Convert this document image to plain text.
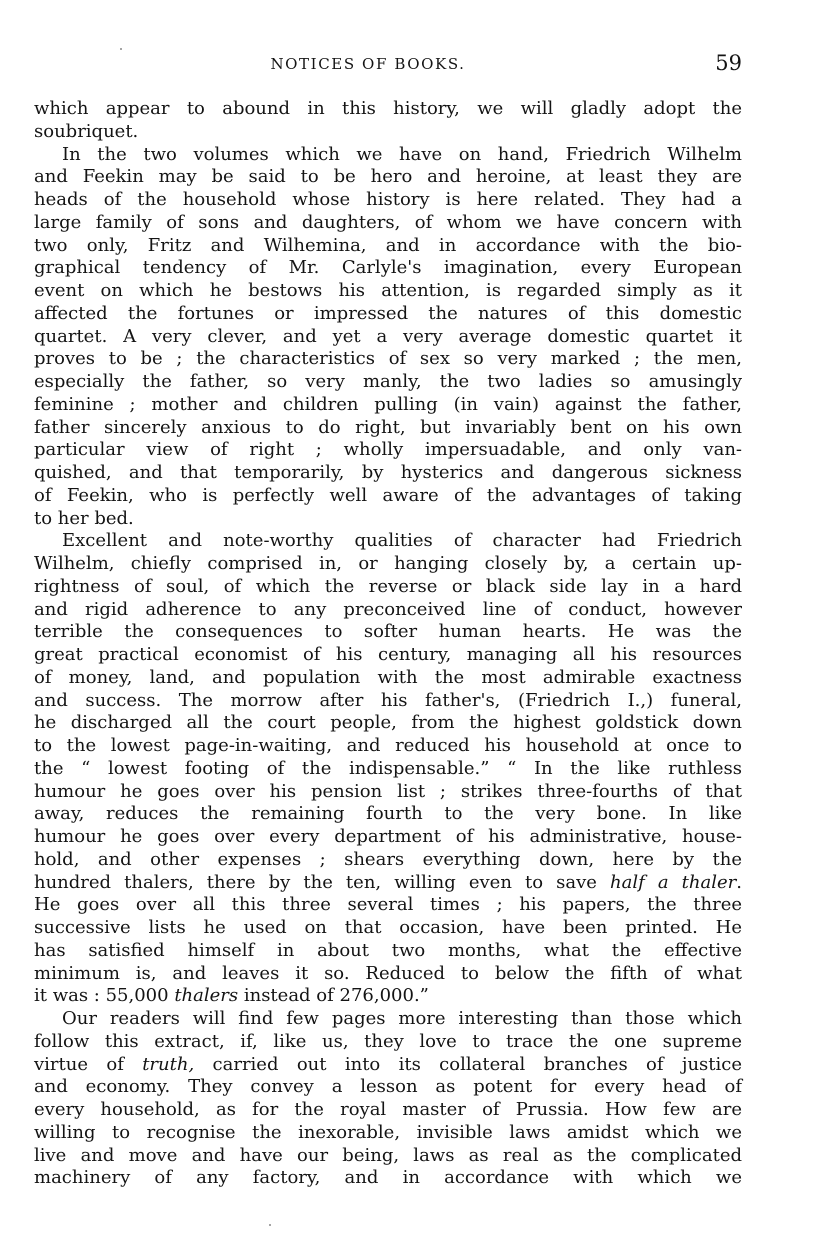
NOTICES OF BOOKS.	59
which appear to abound in this history, we will gladly adopt the
soubriquet.
In the two volumes which we have on hand, Friedrich Wilhelm
and Feekin may be said to be hero and heroine, at least they are
heads of the household whose history is here related. They had a
large family of sons and daughters, of whom we have concern with
two only, Fritz and Wilhemina, and in accordance with the bio-
graphical tendency of Mr. Carlyle's imagination, every European
event on which he bestows his attention, is regarded simply as it
affected the fortunes or impressed the natures of this domestic
quartet. A very clever, and yet a very average domestic quartet it
proves to be ; the characteristics of sex so very marked ; the men,
especially the father, so very manly, the two ladies so amusingly
feminine ; mother and children pulling (in vain) against the father,
father sincerely anxious to do right, but invariably bent on his own
particular view of right ; wholly impersuadable, and only van-
quished, and that temporarily, by hysterics and dangerous sickness
of Feekin, who is perfectly well aware of the advantages of taking
to her bed.
Excellent and note-worthy qualities of character had Friedrich
Wilhelm, chiefly comprised in, or hanging closely by, a certain up-
rightness of soul, of which the reverse or black side lay in a hard
and rigid adherence to any preconceived line of conduct, however
terrible the consequences to softer human hearts. He was the
great practical economist of his century, managing all his resources
of money, land, and population with the most admirable exactness
and success. The morrow after his father's, (Friedrich I.,) funeral,
he discharged all the court people, from the highest goldstick down
to the lowest page-in-waiting, and reduced his household at once to
the “ lowest footing of the indispensable.” “ In the like ruthless
humour he goes over his pension list ; strikes three-fourths of that
away, reduces the remaining fourth to the very bone. In like
humour he goes over every department of his administrative, house-
hold, and other expenses ; shears everything down, here by the
hundred thalers, there by the ten, willing even to save half a thaler.
He goes over all this three several times ; his papers, the three
successive lists he used on that occasion, have been printed. He
has satisfied himself in about two months, what the effective
minimum is, and leaves it so. Reduced to below the fifth of what
it was : 55,000 thalers instead of 276,000.”
Our readers will find few pages more interesting than those which
follow this extract, if, like us, they love to trace the one supreme
virtue of truth, carried out into its collateral branches of justice
and economy. They convey a lesson as potent for every head of
every household, as for the royal master of Prussia. How few are
willing to recognise the inexorable, invisible laws amidst which we
live and move and have our being, laws as real as the complicated
machinery of any factory, and in accordance with which we
